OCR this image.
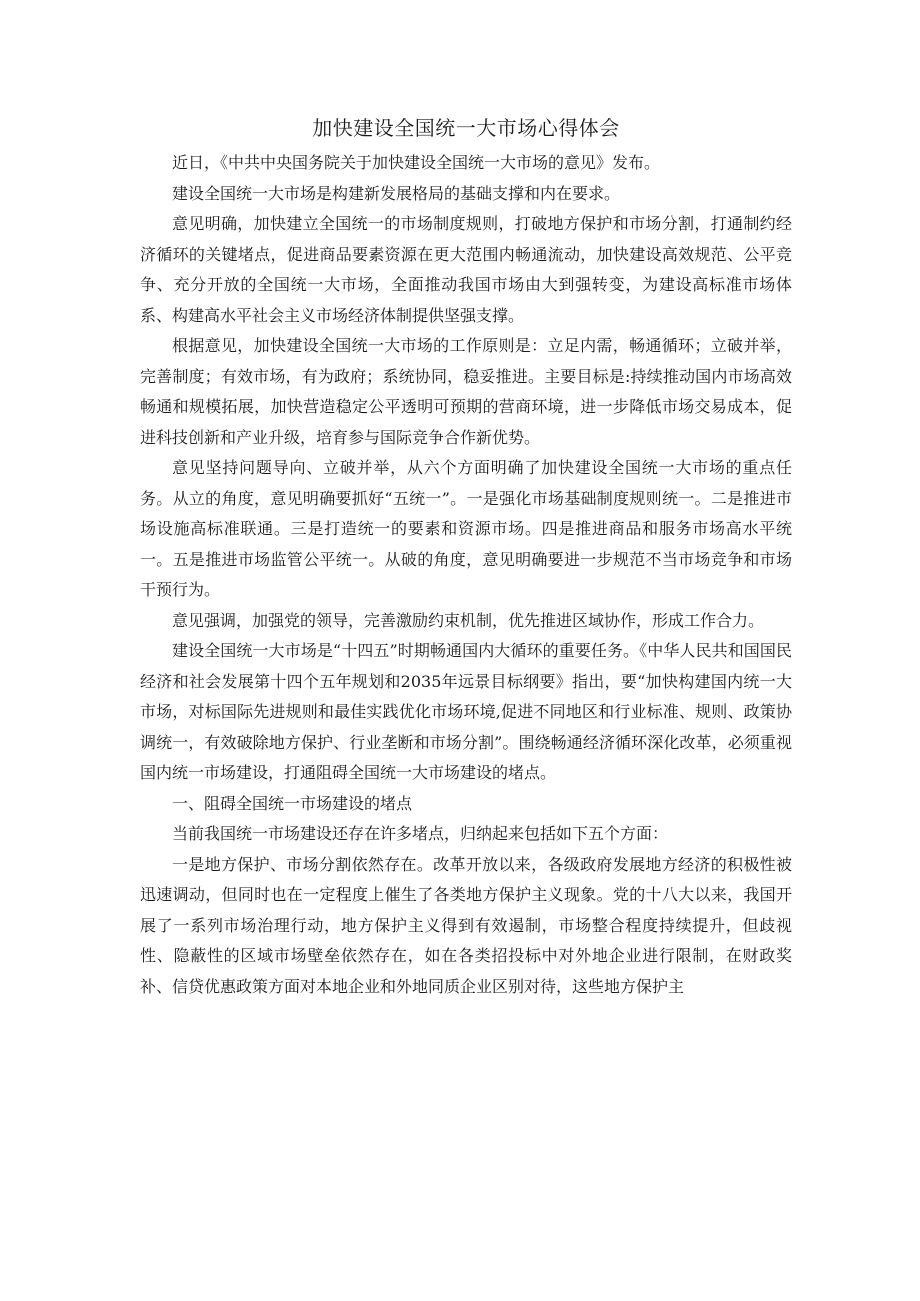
加快建设全国统一大市场心得体会

近日，《中共中央国务院关于加快建设全国统一大市场的意见》发布。

建设全国统一大市场是构建新发展格局的基础支撑和内在要求。

意见明确，加快建立全国统一的市场制度规则，打破地方保护和市场分割，打通制约经济循环的关键堵点，促进商品要素资源在更大范围内畅通流动，加快建设高效规范、公平竞争、充分开放的全国统一大市场，全面推动我国市场由大到强转变，为建设高标准市场体系、构建高水平社会主义市场经济体制提供坚强支撑。

根据意见，加快建设全国统一大市场的工作原则是：立足内需，畅通循环；立破并举，完善制度；有效市场，有为政府；系统协同，稳妥推进。主要目标是:持续推动国内市场高效畅通和规模拓展，加快营造稳定公平透明可预期的营商环境，进一步降低市场交易成本，促进科技创新和产业升级，培育参与国际竞争合作新优势。

意见坚持问题导向、立破并举，从六个方面明确了加快建设全国统一大市场的重点任务。从立的角度，意见明确要抓好“五统一”。一是强化市场基础制度规则统一。二是推进市场设施高标准联通。三是打造统一的要素和资源市场。四是推进商品和服务市场高水平统一。五是推进市场监管公平统一。从破的角度，意见明确要进一步规范不当市场竞争和市场干预行为。

意见强调，加强党的领导，完善激励约束机制，优先推进区域协作，形成工作合力。

建设全国统一大市场是“十四五”时期畅通国内大循环的重要任务。《中华人民共和国国民经济和社会发展第十四个五年规划和2035年远景目标纲要》指出，要“加快构建国内统一大市场，对标国际先进规则和最佳实践优化市场环境,促进不同地区和行业标准、规则、政策协调统一，有效破除地方保护、行业垄断和市场分割”。围绕畅通经济循环深化改革，必须重视国内统一市场建设，打通阻碍全国统一大市场建设的堵点。

一、阻碍全国统一市场建设的堵点

当前我国统一市场建设还存在许多堵点，归纳起来包括如下五个方面：

一是地方保护、市场分割依然存在。改革开放以来，各级政府发展地方经济的积极性被迅速调动，但同时也在一定程度上催生了各类地方保护主义现象。党的十八大以来，我国开展了一系列市场治理行动，地方保护主义得到有效遏制，市场整合程度持续提升，但歧视性、隐蔽性的区域市场壁垒依然存在，如在各类招投标中对外地企业进行限制，在财政奖补、信贷优惠政策方面对本地企业和外地同质企业区别对待，这些地方保护主
